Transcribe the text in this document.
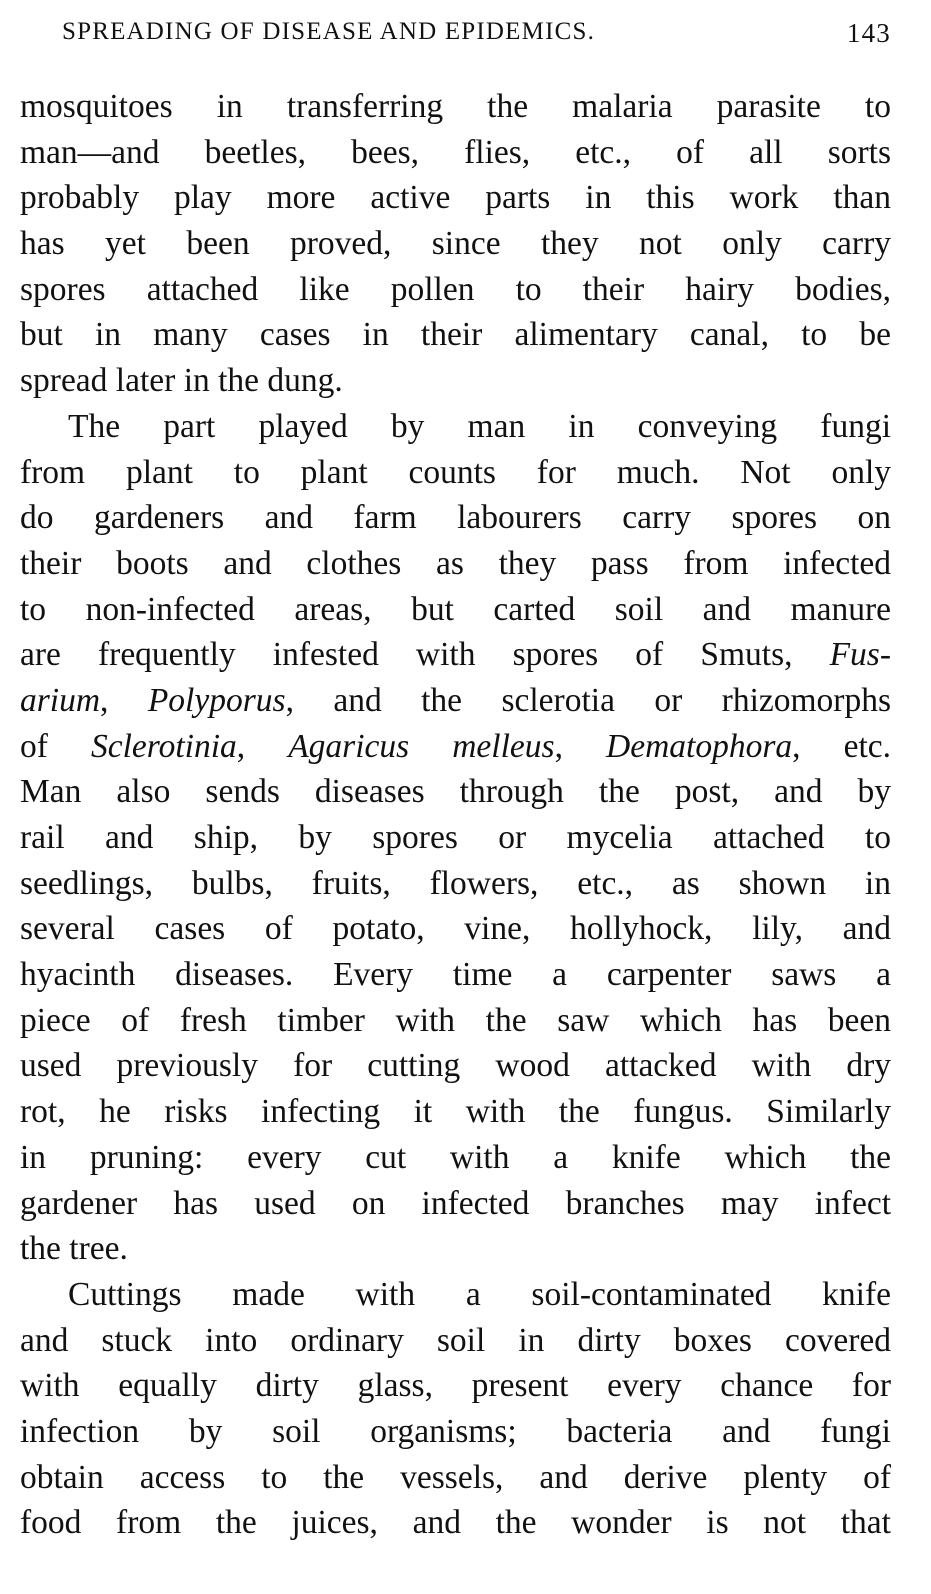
SPREADING OF DISEASE AND EPIDEMICS.	143
mosquitoes in transferring the malaria parasite to
man—and beetles, bees, flies, etc., of all sorts
probably play more active parts in this work than
has yet been proved, since they not only carry
spores attached like pollen to their hairy bodies,
but in many cases in their alimentary canal, to be
spread later in the dung.
The part played by man in conveying fungi
from plant to plant counts for much. Not only
do gardeners and farm labourers carry spores on
their boots and clothes as they pass from infected
to non-infected areas, but carted soil and manure
are frequently infested with spores of Smuts, Fus-
arium, Polyporus, and the sclerotia or rhizomorphs
of Sclerotinia, Agaricus melleus, Dematophora, etc.
Man also sends diseases through the post, and by
rail and ship, by spores or mycelia attached to
seedlings, bulbs, fruits, flowers, etc., as shown in
several cases of potato, vine, hollyhock, lily, and
hyacinth diseases. Every time a carpenter saws a
piece of fresh timber with the saw which has been
used previously for cutting wood attacked with dry
rot, he risks infecting it with the fungus. Similarly
in pruning: every cut with a knife which the
gardener has used on infected branches may infect
the tree.
Cuttings made with a soil-contaminated knife
and stuck into ordinary soil in dirty boxes covered
with equally dirty glass, present every chance for
infection by soil organisms; bacteria and fungi
obtain access to the vessels, and derive plenty of
food from the juices, and the wonder is not that
